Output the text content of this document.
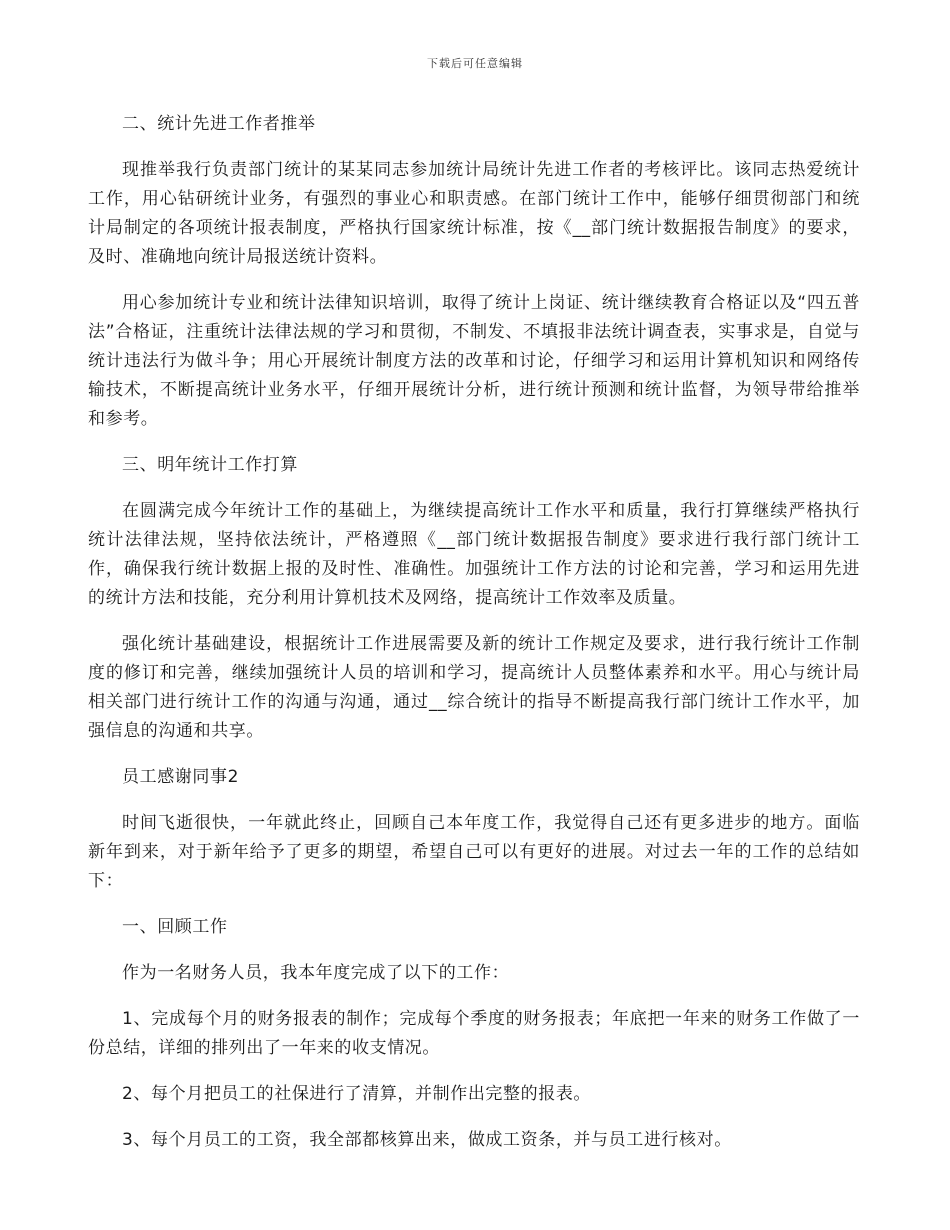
下载后可任意编辑

二、统计先进工作者推举

现推举我行负责部门统计的某某同志参加统计局统计先进工作者的考核评比。该同志热爱统计工作，用心钻研统计业务，有强烈的事业心和职责感。在部门统计工作中，能够仔细贯彻部门和统计局制定的各项统计报表制度，严格执行国家统计标准，按《__部门统计数据报告制度》的要求，及时、准确地向统计局报送统计资料。

用心参加统计专业和统计法律知识培训，取得了统计上岗证、统计继续教育合格证以及“四五普法”合格证，注重统计法律法规的学习和贯彻，不制发、不填报非法统计调查表，实事求是，自觉与统计违法行为做斗争；用心开展统计制度方法的改革和讨论，仔细学习和运用计算机知识和网络传输技术，不断提高统计业务水平，仔细开展统计分析，进行统计预测和统计监督，为领导带给推举和参考。

三、明年统计工作打算

在圆满完成今年统计工作的基础上，为继续提高统计工作水平和质量，我行打算继续严格执行统计法律法规，坚持依法统计，严格遵照《__部门统计数据报告制度》要求进行我行部门统计工作，确保我行统计数据上报的及时性、准确性。加强统计工作方法的讨论和完善，学习和运用先进的统计方法和技能，充分利用计算机技术及网络，提高统计工作效率及质量。

强化统计基础建设，根据统计工作进展需要及新的统计工作规定及要求，进行我行统计工作制度的修订和完善，继续加强统计人员的培训和学习，提高统计人员整体素养和水平。用心与统计局相关部门进行统计工作的沟通与沟通，通过__综合统计的指导不断提高我行部门统计工作水平，加强信息的沟通和共享。

员工感谢同事2

时间飞逝很快，一年就此终止，回顾自己本年度工作，我觉得自己还有更多进步的地方。面临新年到来，对于新年给予了更多的期望，希望自己可以有更好的进展。对过去一年的工作的总结如下：

一、回顾工作

作为一名财务人员，我本年度完成了以下的工作：

1、完成每个月的财务报表的制作；完成每个季度的财务报表；年底把一年来的财务工作做了一份总结，详细的排列出了一年来的收支情况。

2、每个月把员工的社保进行了清算，并制作出完整的报表。

3、每个月员工的工资，我全部都核算出来，做成工资条，并与员工进行核对。
